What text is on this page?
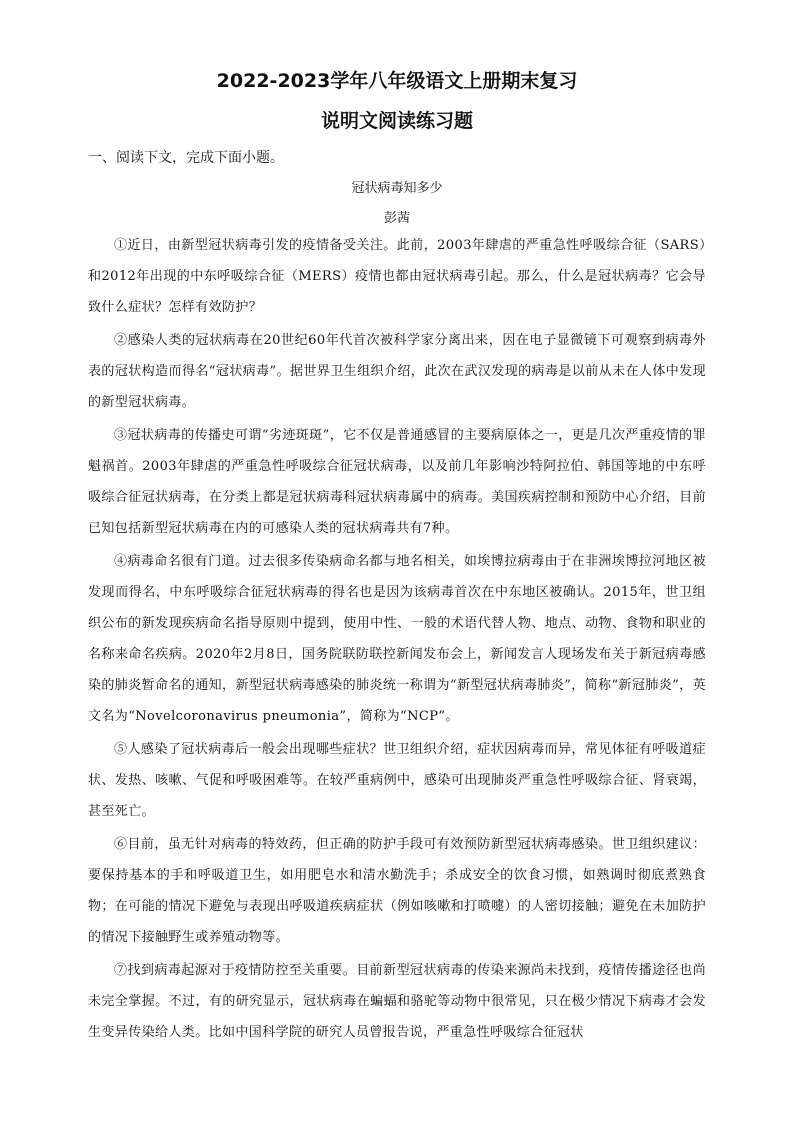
2022-2023学年八年级语文上册期末复习
说明文阅读练习题

一、阅读下文，完成下面小题。

冠状病毒知多少

彭茜

①近日，由新型冠状病毒引发的疫情备受关注。此前，2003年肆虐的严重急性呼吸综合征（SARS）和2012年出现的中东呼吸综合征（MERS）疫情也都由冠状病毒引起。那么，什么是冠状病毒？它会导致什么症状？怎样有效防护？

②感染人类的冠状病毒在20世纪60年代首次被科学家分离出来，因在电子显微镜下可观察到病毒外表的冠状构造而得名“冠状病毒”。据世界卫生组织介绍，此次在武汉发现的病毒是以前从未在人体中发现的新型冠状病毒。

③冠状病毒的传播史可谓“劣迹斑斑”，它不仅是普通感冒的主要病原体之一，更是几次严重疫情的罪魁祸首。2003年肆虐的严重急性呼吸综合征冠状病毒，以及前几年影响沙特阿拉伯、韩国等地的中东呼吸综合征冠状病毒，在分类上都是冠状病毒科冠状病毒属中的病毒。美国疾病控制和预防中心介绍，目前已知包括新型冠状病毒在内的可感染人类的冠状病毒共有7种。

④病毒命名很有门道。过去很多传染病命名都与地名相关，如埃博拉病毒由于在非洲埃博拉河地区被发现而得名，中东呼吸综合征冠状病毒的得名也是因为该病毒首次在中东地区被确认。2015年，世卫组织公布的新发现疾病命名指导原则中提到，使用中性、一般的术语代替人物、地点、动物、食物和职业的名称来命名疾病。2020年2月8日，国务院联防联控新闻发布会上，新闻发言人现场发布关于新冠病毒感染的肺炎暂命名的通知，新型冠状病毒感染的肺炎统一称谓为“新型冠状病毒肺炎”，简称“新冠肺炎”，英文名为“Novelcoronavirus pneumonia”，简称为“NCP”。

⑤人感染了冠状病毒后一般会出现哪些症状？世卫组织介绍，症状因病毒而异，常见体征有呼吸道症状、发热、咳嗽、气促和呼吸困难等。在较严重病例中，感染可出现肺炎严重急性呼吸综合征、肾衰竭，甚至死亡。

⑥目前，虽无针对病毒的特效药，但正确的防护手段可有效预防新型冠状病毒感染。世卫组织建议：要保持基本的手和呼吸道卫生，如用肥皂水和清水勤洗手；杀成安全的饮食习惯，如熟调时彻底煮熟食物；在可能的情况下避免与表现出呼吸道疾病症状（例如咳嗽和打喷嚏）的人密切接触；避免在未加防护的情况下接触野生或养殖动物等。

⑦找到病毒起源对于疫情防控至关重要。目前新型冠状病毒的传染来源尚未找到，疫情传播途径也尚未完全掌握。不过，有的研究显示，冠状病毒在蝙蝠和骆驼等动物中很常见，只在极少情况下病毒才会发生变异传染给人类。比如中国科学院的研究人员曾报告说，严重急性呼吸综合征冠状
